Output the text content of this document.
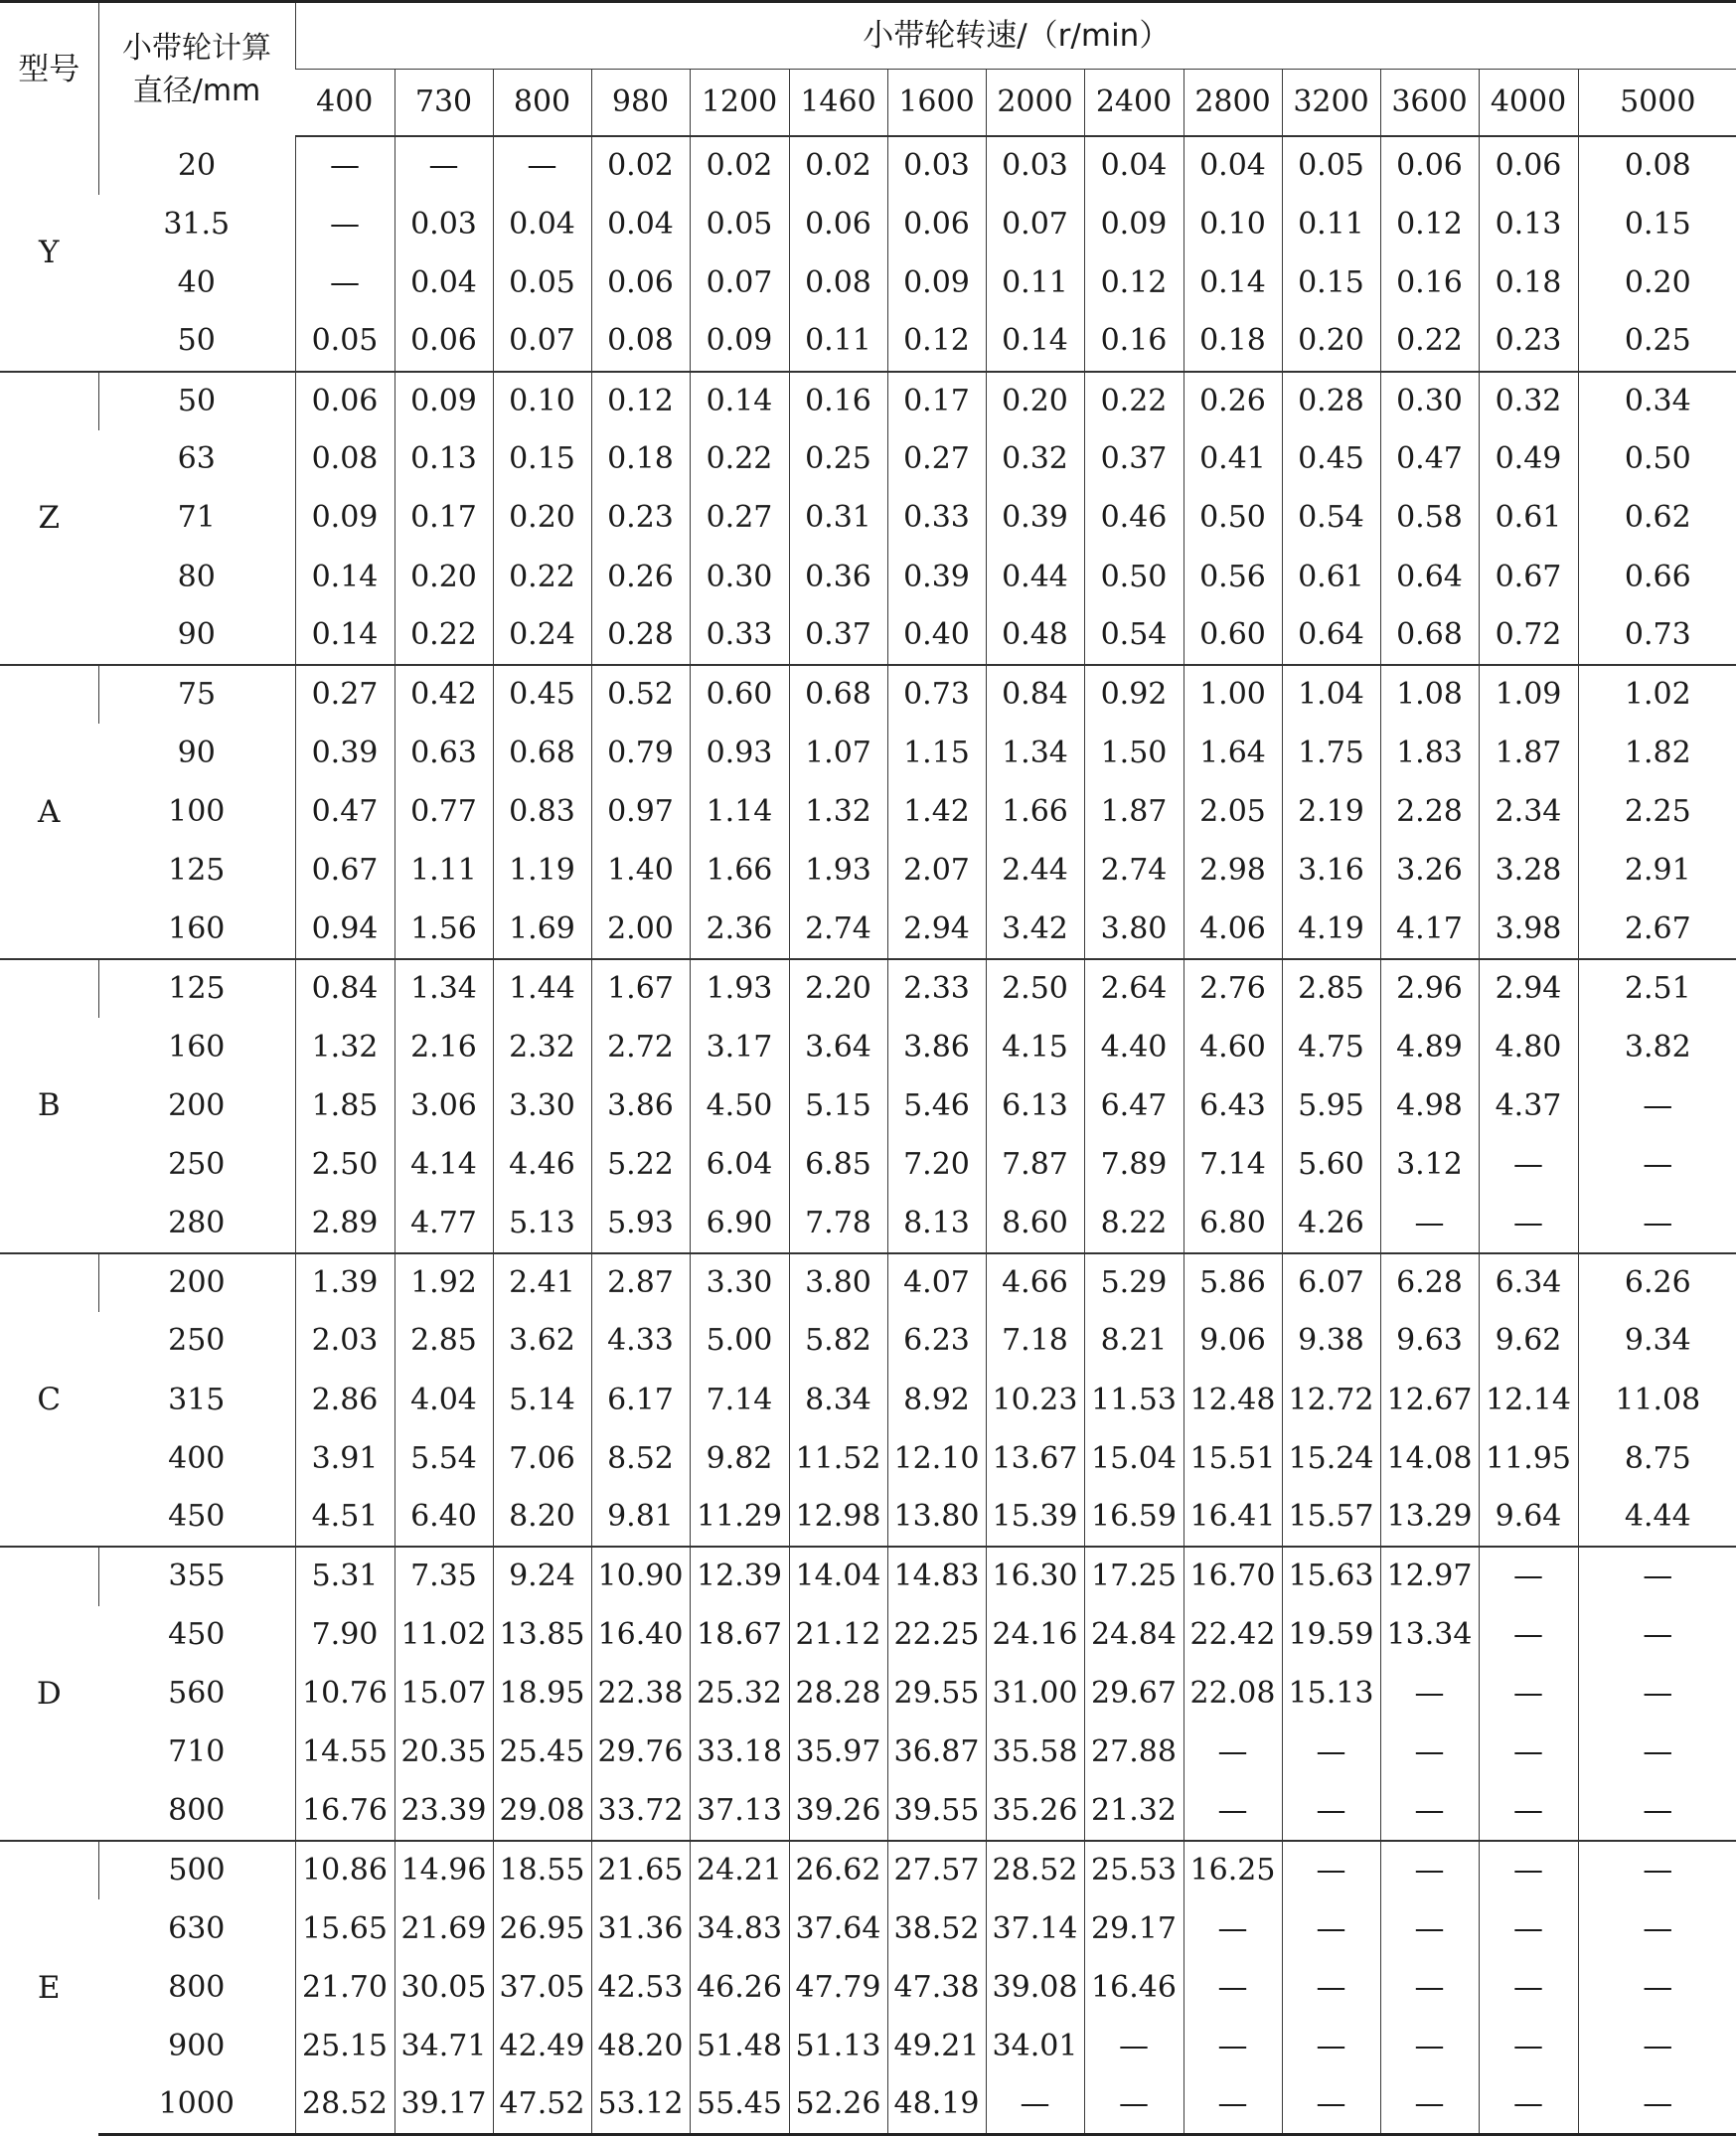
型号	小带轮计算直径/mm	小带轮转速/（r/min）													
		400	730	800	980	1200	1460	1600	2000	2400	2800	3200	3600	4000	5000
Y	20	—	—	—	0.02	0.02	0.02	0.03	0.03	0.04	0.04	0.05	0.06	0.06	0.08
	31.5	—	0.03	0.04	0.04	0.05	0.06	0.06	0.07	0.09	0.10	0.11	0.12	0.13	0.15
	40	—	0.04	0.05	0.06	0.07	0.08	0.09	0.11	0.12	0.14	0.15	0.16	0.18	0.20
	50	0.05	0.06	0.07	0.08	0.09	0.11	0.12	0.14	0.16	0.18	0.20	0.22	0.23	0.25
Z	50	0.06	0.09	0.10	0.12	0.14	0.16	0.17	0.20	0.22	0.26	0.28	0.30	0.32	0.34
	63	0.08	0.13	0.15	0.18	0.22	0.25	0.27	0.32	0.37	0.41	0.45	0.47	0.49	0.50
	71	0.09	0.17	0.20	0.23	0.27	0.31	0.33	0.39	0.46	0.50	0.54	0.58	0.61	0.62
	80	0.14	0.20	0.22	0.26	0.30	0.36	0.39	0.44	0.50	0.56	0.61	0.64	0.67	0.66
	90	0.14	0.22	0.24	0.28	0.33	0.37	0.40	0.48	0.54	0.60	0.64	0.68	0.72	0.73
A	75	0.27	0.42	0.45	0.52	0.60	0.68	0.73	0.84	0.92	1.00	1.04	1.08	1.09	1.02
	90	0.39	0.63	0.68	0.79	0.93	1.07	1.15	1.34	1.50	1.64	1.75	1.83	1.87	1.82
	100	0.47	0.77	0.83	0.97	1.14	1.32	1.42	1.66	1.87	2.05	2.19	2.28	2.34	2.25
	125	0.67	1.11	1.19	1.40	1.66	1.93	2.07	2.44	2.74	2.98	3.16	3.26	3.28	2.91
	160	0.94	1.56	1.69	2.00	2.36	2.74	2.94	3.42	3.80	4.06	4.19	4.17	3.98	2.67
B	125	0.84	1.34	1.44	1.67	1.93	2.20	2.33	2.50	2.64	2.76	2.85	2.96	2.94	2.51
	160	1.32	2.16	2.32	2.72	3.17	3.64	3.86	4.15	4.40	4.60	4.75	4.89	4.80	3.82
	200	1.85	3.06	3.30	3.86	4.50	5.15	5.46	6.13	6.47	6.43	5.95	4.98	4.37	—
	250	2.50	4.14	4.46	5.22	6.04	6.85	7.20	7.87	7.89	7.14	5.60	3.12	—	—
	280	2.89	4.77	5.13	5.93	6.90	7.78	8.13	8.60	8.22	6.80	4.26	—	—	—
C	200	1.39	1.92	2.41	2.87	3.30	3.80	4.07	4.66	5.29	5.86	6.07	6.28	6.34	6.26
	250	2.03	2.85	3.62	4.33	5.00	5.82	6.23	7.18	8.21	9.06	9.38	9.63	9.62	9.34
	315	2.86	4.04	5.14	6.17	7.14	8.34	8.92	10.23	11.53	12.48	12.72	12.67	12.14	11.08
	400	3.91	5.54	7.06	8.52	9.82	11.52	12.10	13.67	15.04	15.51	15.24	14.08	11.95	8.75
	450	4.51	6.40	8.20	9.81	11.29	12.98	13.80	15.39	16.59	16.41	15.57	13.29	9.64	4.44
D	355	5.31	7.35	9.24	10.90	12.39	14.04	14.83	16.30	17.25	16.70	15.63	12.97	—	—
	450	7.90	11.02	13.85	16.40	18.67	21.12	22.25	24.16	24.84	22.42	19.59	13.34	—	—
	560	10.76	15.07	18.95	22.38	25.32	28.28	29.55	31.00	29.67	22.08	15.13	—	—	—
	710	14.55	20.35	25.45	29.76	33.18	35.97	36.87	35.58	27.88	—	—	—	—	—
	800	16.76	23.39	29.08	33.72	37.13	39.26	39.55	35.26	21.32	—	—	—	—	—
E	500	10.86	14.96	18.55	21.65	24.21	26.62	27.57	28.52	25.53	16.25	—	—	—	—
	630	15.65	21.69	26.95	31.36	34.83	37.64	38.52	37.14	29.17	—	—	—	—	—
	800	21.70	30.05	37.05	42.53	46.26	47.79	47.38	39.08	16.46	—	—	—	—	—
	900	25.15	34.71	42.49	48.20	51.48	51.13	49.21	34.01	—	—	—	—	—	—
	1000	28.52	39.17	47.52	53.12	55.45	52.26	48.19	—	—	—	—	—	—	—
